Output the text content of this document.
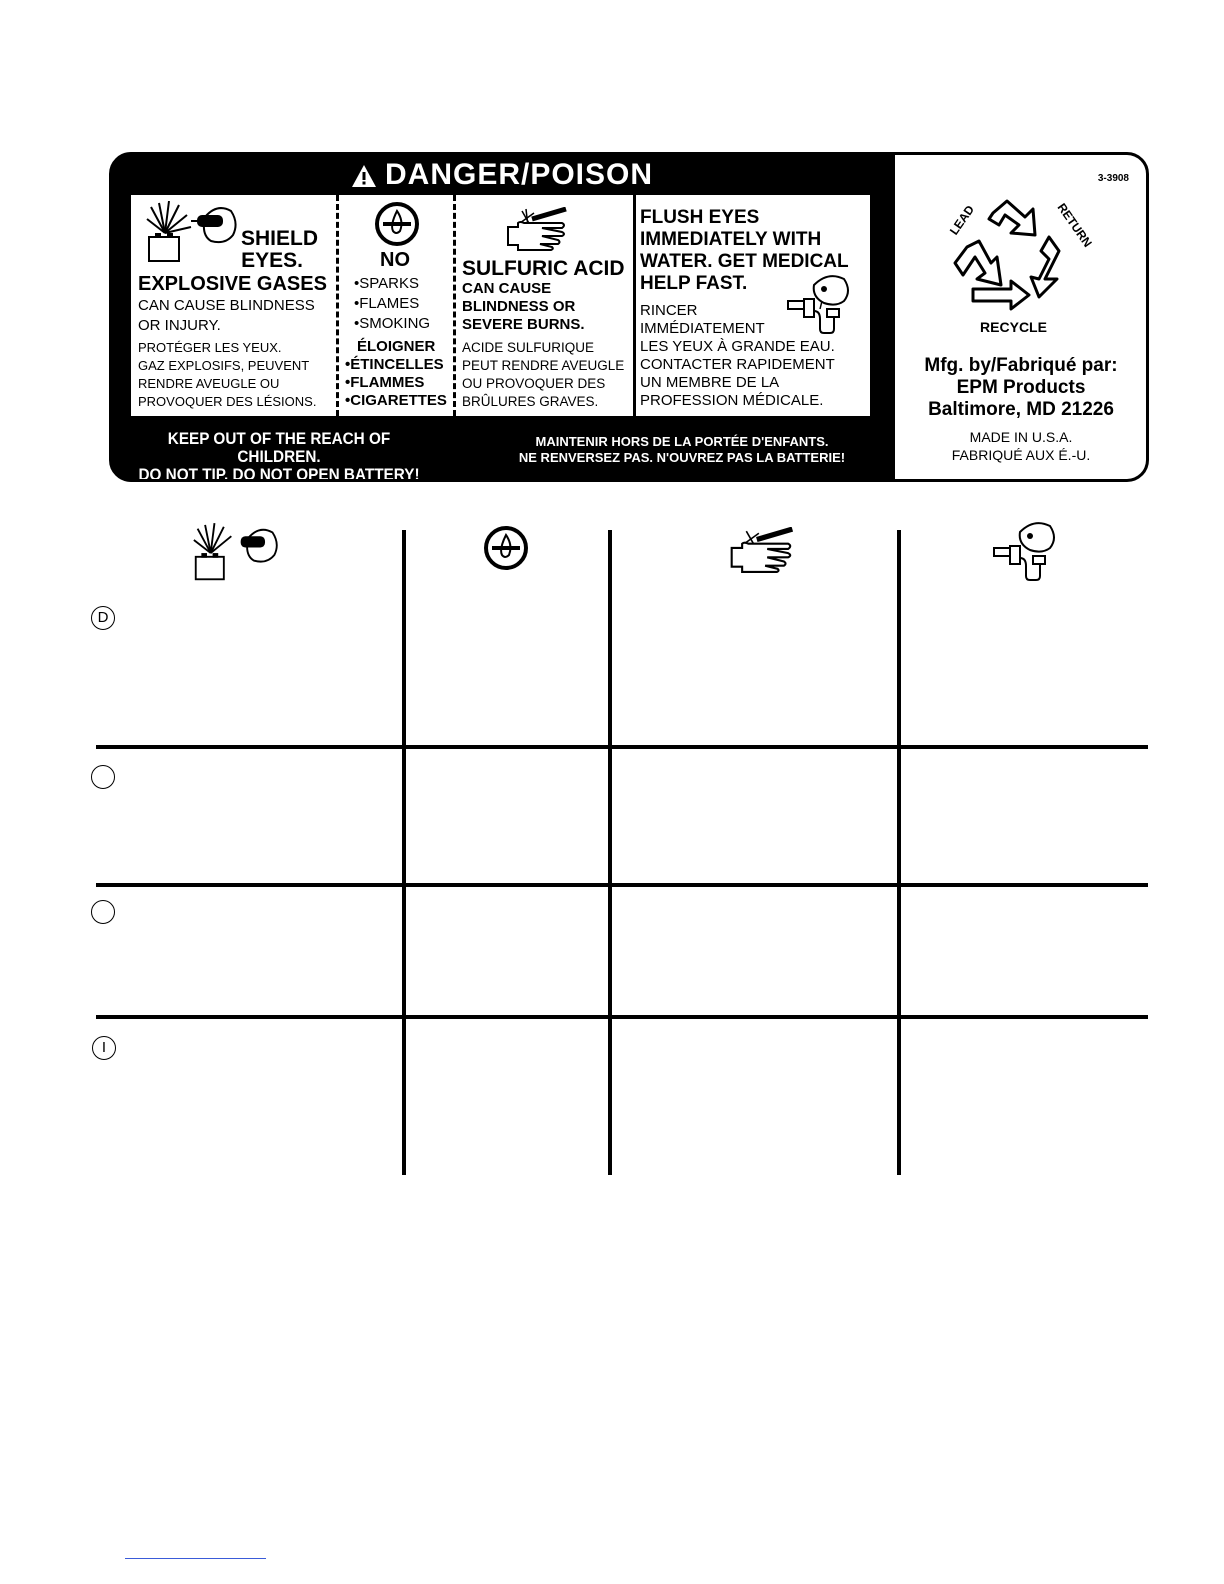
DANGER/POISON
SHIELD
EYES.
EXPLOSIVE GASES
CAN CAUSE BLINDNESS
OR INJURY.
PROTÉGER LES YEUX.
GAZ EXPLOSIFS, PEUVENT
RENDRE AVEUGLE OU
PROVOQUER DES LÉSIONS.
NO
•SPARKS
•FLAMES
•SMOKING
ÉLOIGNER
•ÉTINCELLES
•FLAMMES
•CIGARETTES
SULFURIC ACID
CAN CAUSE
BLINDNESS OR
SEVERE BURNS.
ACIDE SULFURIQUE
PEUT RENDRE AVEUGLE
OU PROVOQUER DES
BRÛLURES GRAVES.
FLUSH EYES
IMMEDIATELY WITH
WATER. GET MEDICAL
HELP FAST.
RINCER
IMMÉDIATEMENT
LES YEUX À GRANDE EAU.
CONTACTER RAPIDEMENT
UN MEMBRE DE LA
PROFESSION MÉDICALE.
KEEP OUT OF THE REACH OF CHILDREN.
DO NOT TIP. DO NOT OPEN BATTERY!
MAINTENIR HORS DE LA PORTÉE D'ENFANTS.
NE RENVERSEZ PAS. N'OUVREZ PAS LA BATTERIE!
3-3908
LEAD	RETURN
RECYCLE
Mfg. by/Fabriqué par:
EPM Products
Baltimore, MD 21226
MADE IN U.S.A.
FABRIQUÉ AUX É.-U.
D
I
